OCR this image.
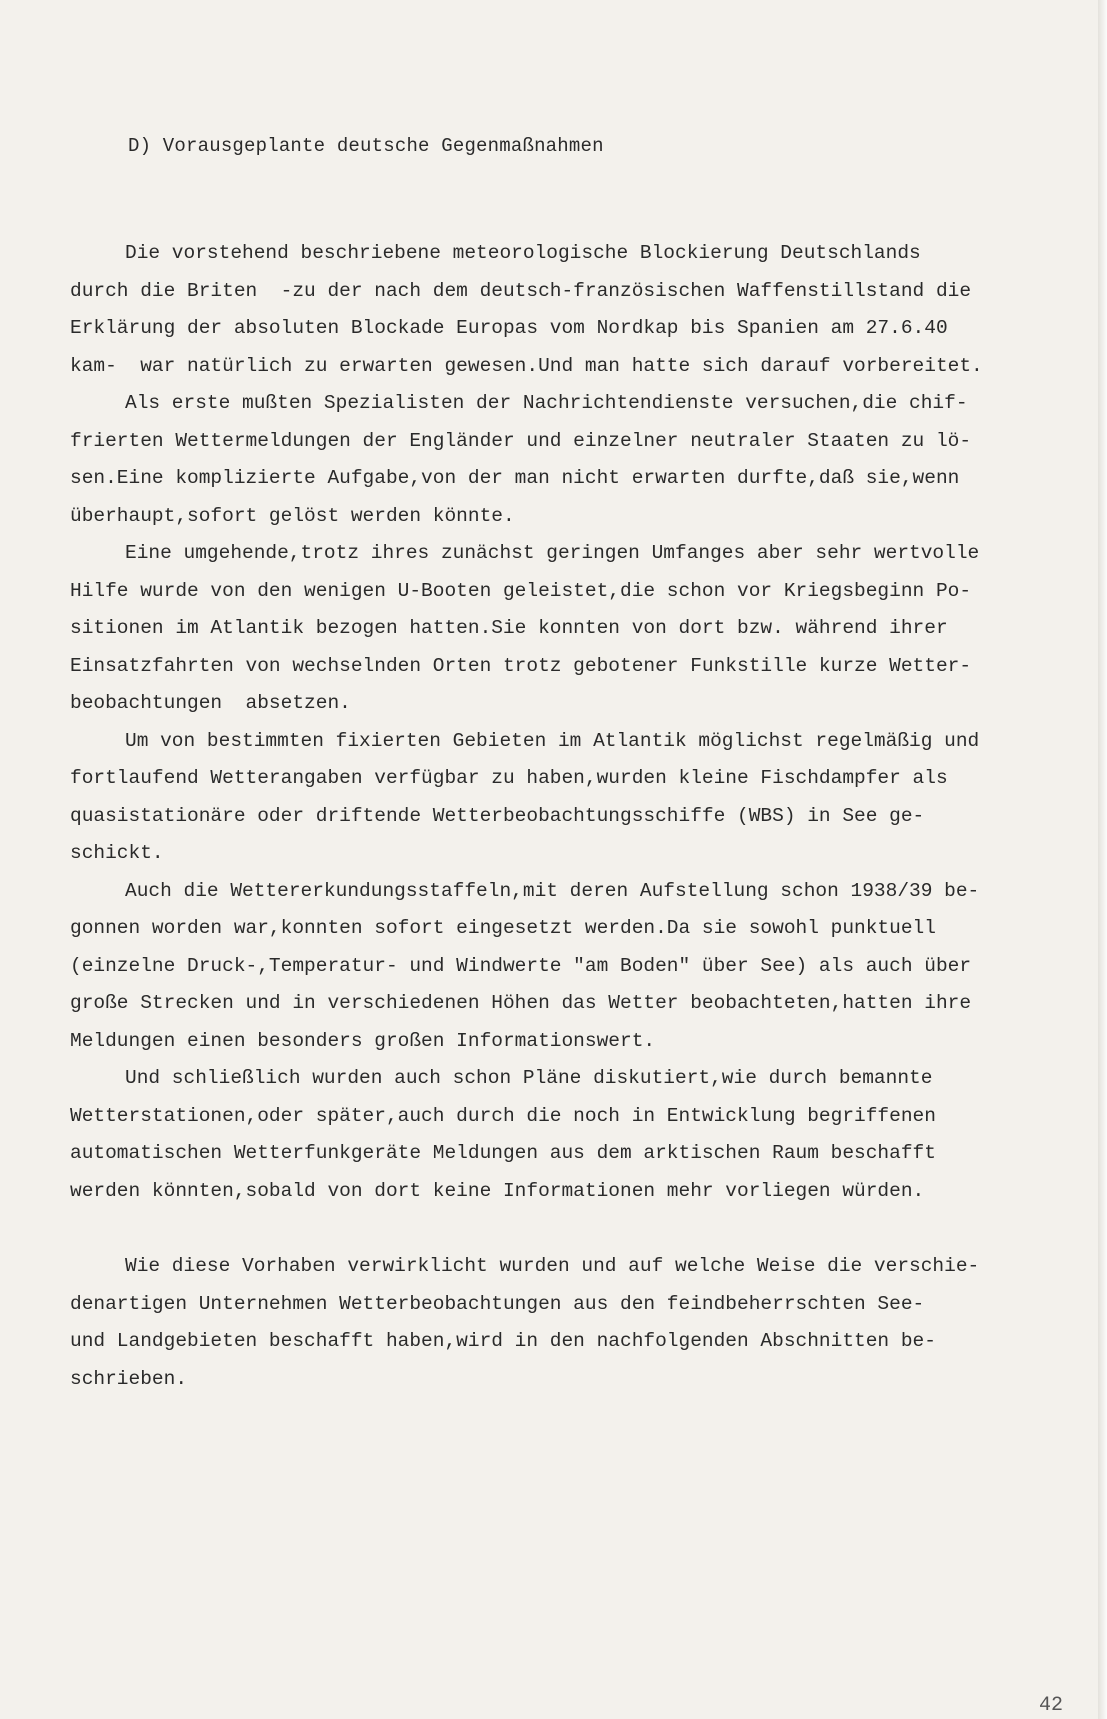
D) Vorausgeplante deutsche Gegenmaßnahmen
Die vorstehend beschriebene meteorologische Blockierung Deutschlands
durch die Briten  -zu der nach dem deutsch-französischen Waffenstillstand die
Erklärung der absoluten Blockade Europas vom Nordkap bis Spanien am 27.6.40
kam-  war natürlich zu erwarten gewesen.Und man hatte sich darauf vorbereitet.
Als erste mußten Spezialisten der Nachrichtendienste versuchen,die chif-
frierten Wettermeldungen der Engländer und einzelner neutraler Staaten zu lö-
sen.Eine komplizierte Aufgabe,von der man nicht erwarten durfte,daß sie,wenn
überhaupt,sofort gelöst werden könnte.
Eine umgehende,trotz ihres zunächst geringen Umfanges aber sehr wertvolle
Hilfe wurde von den wenigen U-Booten geleistet,die schon vor Kriegsbeginn Po-
sitionen im Atlantik bezogen hatten.Sie konnten von dort bzw. während ihrer
Einsatzfahrten von wechselnden Orten trotz gebotener Funkstille kurze Wetter-
beobachtungen  absetzen.
Um von bestimmten fixierten Gebieten im Atlantik möglichst regelmäßig und
fortlaufend Wetterangaben verfügbar zu haben,wurden kleine Fischdampfer als
quasistationäre oder driftende Wetterbeobachtungsschiffe (WBS) in See ge-
schickt.
Auch die Wettererkundungsstaffeln,mit deren Aufstellung schon 1938/39 be-
gonnen worden war,konnten sofort eingesetzt werden.Da sie sowohl punktuell
(einzelne Druck-,Temperatur- und Windwerte "am Boden" über See) als auch über
große Strecken und in verschiedenen Höhen das Wetter beobachteten,hatten ihre
Meldungen einen besonders großen Informationswert.
Und schließlich wurden auch schon Pläne diskutiert,wie durch bemannte
Wetterstationen,oder später,auch durch die noch in Entwicklung begriffenen
automatischen Wetterfunkgeräte Meldungen aus dem arktischen Raum beschafft
werden könnten,sobald von dort keine Informationen mehr vorliegen würden.
Wie diese Vorhaben verwirklicht wurden und auf welche Weise die verschie-
denartigen Unternehmen Wetterbeobachtungen aus den feindbeherrschten See-
und Landgebieten beschafft haben,wird in den nachfolgenden Abschnitten be-
schrieben.
42
